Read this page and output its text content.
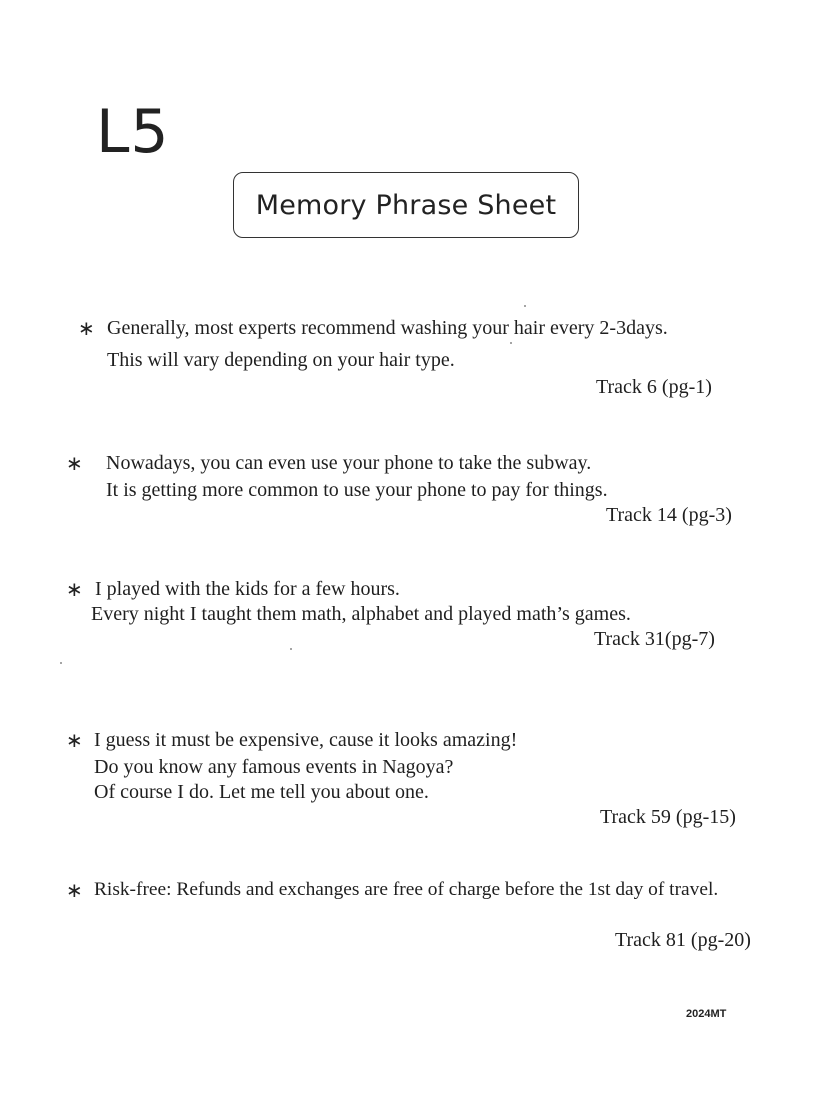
L5
Memory Phrase Sheet
∗ Generally, most experts recommend washing your hair every 2-3days.
This will vary depending on your hair type.
Track 6 (pg-1)
∗ Nowadays, you can even use your phone to take the subway.
It is getting more common to use your phone to pay for things.
Track 14 (pg-3)
∗ I played with the kids for a few hours.
Every night I taught them math, alphabet and played math’s games.
Track 31(pg-7)
∗ I guess it must be expensive, cause it looks amazing!
Do you know any famous events in Nagoya?
Of course I do. Let me tell you about one.
Track 59 (pg-15)
∗ Risk-free: Refunds and exchanges are free of charge before the 1st day of travel.
Track 81 (pg-20)
2024MT
